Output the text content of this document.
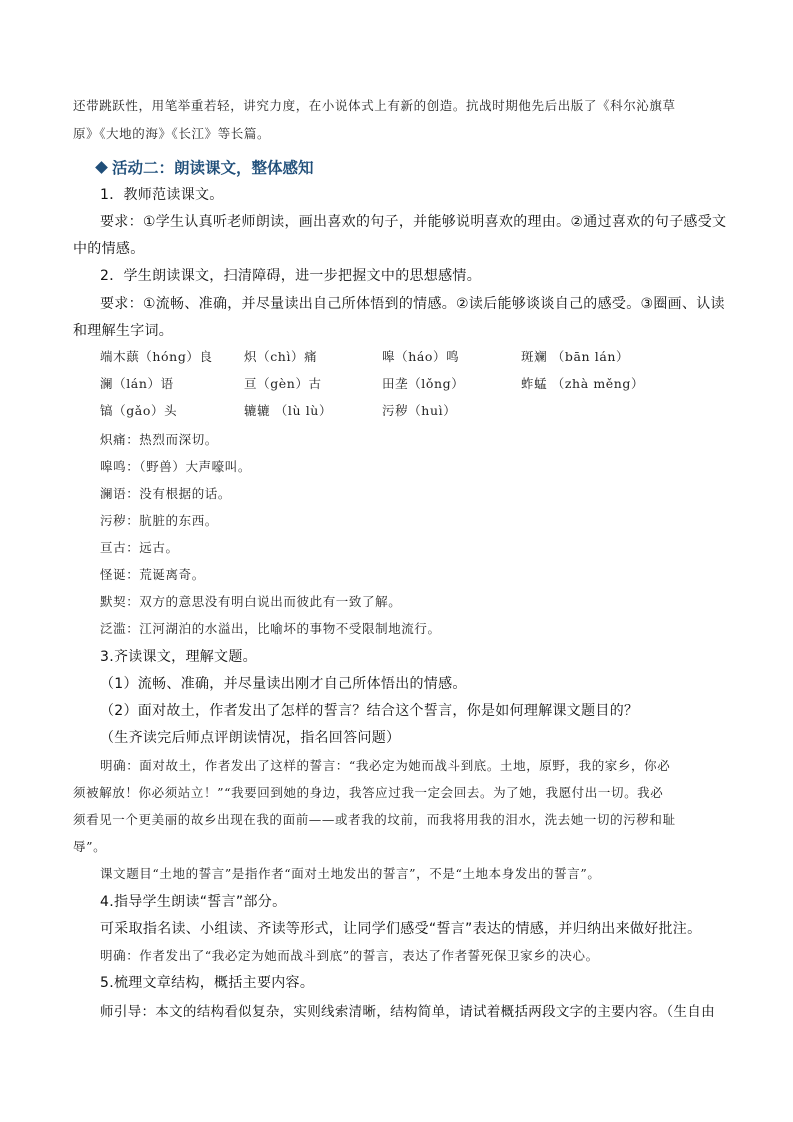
还带跳跃性，用笔举重若轻，讲究力度，在小说体式上有新的创造。抗战时期他先后出版了《科尔沁旗草
原》《大地的海》《长江》等长篇。
活动二：朗读课文，整体感知
1．教师范读课文。
要求：①学生认真听老师朗读，画出喜欢的句子，并能够说明喜欢的理由。②通过喜欢的句子感受文
中的情感。
2．学生朗读课文，扫清障碍，进一步把握文中的思想感情。
要求：①流畅、准确，并尽量读出自己所体悟到的情感。②读后能够谈谈自己的感受。③圈画、认读
和理解生字词。
端木蕻（hóng）良	炽（chì）痛	嗥（háo）鸣	斑斓 （bān lán）
澜（lán）语	亘（gèn）古	田垄（lǒng）	蚱蜢 （zhà měng）
镐（gǎo）头	辘辘 （lù lù）	污秽（huì）
炽痛：热烈而深切。
嗥鸣：（野兽）大声嚎叫。
澜语：没有根据的话。
污秽：肮脏的东西。
亘古：远古。
怪诞：荒诞离奇。
默契：双方的意思没有明白说出而彼此有一致了解。
泛滥：江河湖泊的水溢出，比喻坏的事物不受限制地流行。
3.齐读课文，理解文题。
（1）流畅、准确，并尽量读出刚才自己所体悟出的情感。
（2）面对故土，作者发出了怎样的誓言？结合这个誓言，你是如何理解课文题目的？
（生齐读完后师点评朗读情况，指名回答问题）
明确：面对故土，作者发出了这样的誓言：“我必定为她而战斗到底。土地，原野，我的家乡，你必
须被解放！你必须站立！”“我要回到她的身边，我答应过我一定会回去。为了她，我愿付出一切。我必
须看见一个更美丽的故乡出现在我的面前——或者我的坟前，而我将用我的泪水，洗去她一切的污秽和耻
辱”。
课文题目“土地的誓言”是指作者“面对土地发出的誓言”，不是“土地本身发出的誓言”。
4.指导学生朗读“誓言”部分。
可采取指名读、小组读、齐读等形式，让同学们感受“誓言”表达的情感，并归纳出来做好批注。
明确：作者发出了“我必定为她而战斗到底”的誓言，表达了作者誓死保卫家乡的决心。
5.梳理文章结构，概括主要内容。
师引导：本文的结构看似复杂，实则线索清晰，结构简单，请试着概括两段文字的主要内容。（生自由
